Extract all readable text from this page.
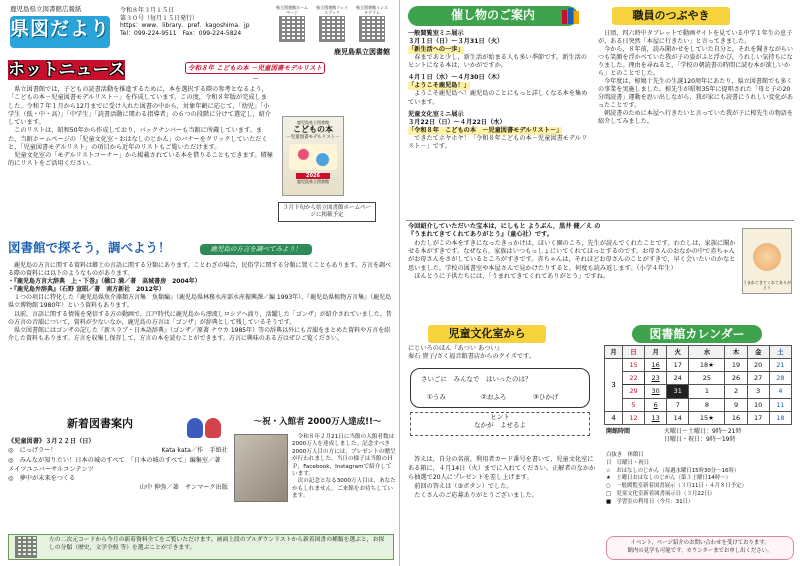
鹿児島県立図書館広報紙
県図だより
令和８年３月１５日
第３０号（毎月１５日発行）
https：www．library．pref．kagoshima．jp
Tel：099-224-9511　Fax：099-224-5824
県立図書館ホームページ
県立図書館フェイスブック
県立図書館インスタグラム
鹿児島県立図書館
ホットニュース	令和８年 こどもの本 －児童図書モデルリスト－
　県立図書館では，子どもの読書活動を推進するために，本を選択する際の参考となるよう，「こどもの本－児童図書モデルリスト－」を作成しています。この度，令和８年版が完成しました。令和７年１月から12月までに受け入れた図書の中から，対象年齢に応じて，「幼児」「小学生（低・中・高）」「中学生」「読書活動に関わる指導者」の６つの段階に分けて選定し，紹介しています。
　このリストは，昭和50年から作成しており，バックナンバーも当館に所蔵しています。また，当館ホームページの「児童文化室・おはなしのじかん」のバナーをクリックしていただくと，「児童図書モデルリスト」の項目から近年のリストもご覧いただけます。
　児童文化室の「モデルリストコーナー」から掲載されている本を借りることもできます。積極的にリストをご活用ください。
鹿児島県立図書館
こどもの本
－児童図書モデルリスト－
2026
鹿児島県立図書館
３月下旬から県立図書館ホームページに掲載予定
図書館で探そう，調べよう！	鹿児島の方言を調べてみよう！
　鹿児島の方言に関する資料は郷土の言語に関する分類にあります。ことわざの場合，民俗学に関する分類に置くこともあります。方言を調べる際の資料には以下のようなものがあります。
・『鹿児島方言大辞典　上・下巻』（橋口 満／著　高城書房　2004年）
・『鹿児島弁辞典』（石野 宣昭／著　南方新社　2012年）
　１つの項目に特化した『鹿児島県魚介藻類方言集　魚類編』（鹿児島県林務水産部水産振興課／編 1993年），『鹿児島県植物方言集』（鹿児島県立博物館 1980年）という資料もあります。
　以前，言語に関する情報を発信する方の動画で，江戸時代に鹿児島から漂流しロシアへ渡り，活躍した「ゴンザ」が紹介されていました。昔の方言の音韻について，資料が少ないなか，鹿児島の方言は「ゴンザ」が辞典として残しているそうです。
　県立図書館にはゴンザの記した『新スラブ・日本語辞典』（ゴンザ／原著 ナウカ 1985年）等の辞典以外にも音韻をまとめた資料や方言を紹介した資料もあります。方言を収集し保存して，方言の本を読むことができます。方言に興味のある方はぜひご覧ください。
新着図書案内
《児童図書》３月２２日（日）
◎　にっげラー！	Kata kata／作　手紙社
◎　みんなが知りたい！日本の城のすべて　「日本の城のすべて」編集室／著　メイツユニバーサルコンテンツ
◎　夢中が未来をつくる
山中 伸弥／著　サンマーク出版
左の二次元コードから今月の新着資料全てをご覧いただけます。画面上段のプルダウンリストから新着図書の種類を選ぶと，お探しの分類（歴史，文学全般 等）を選ぶことができます。
～祝・入館者 2000万人達成!!～
　令和８年２月21日に当館の入館者数は2000万人を達成しました。記念すべき2000万人目の方には，プレゼントの贈呈が行われました。当日の様子は当館のＨＰ，Facebook，Instagramで紹介しています。
　次の記念となる3000万人目は，あなたかもしれません。ご来館をお待ちしています。
催し物のご案内
一般閲覧室ミニ展示
３月１日（日）～３月31日（火）
「新生活への一歩」
　春まであと少し，新生活が始まる人も多い季節です。新生活のヒントになる本は，いかがですか。
４月１日（水）～４月30日（木）
「ようこそ鹿児島！」
　ようこそ鹿児島へ！鹿児島のことにもっと詳しくなる本を集めています。
児童文化室ミニ展示
３月22日（日）～４月22日（水）
「令和８年　こどもの本　－児童図書モデルリスト－」
　できたてホヤホヤ！「令和８年こどもの本－児童図書モデルリスト－」です。
職員のつぶやき
　日頃，四六時中タブレットで動画サイトを見ている中学１年生の息子が，ある日突然「本屋に行きたい」と言ってきました。
　今から，８年前，読み聞かせをしていた自分と，それを聞きながらいつも笑顔を浮かべていた我が子の姿がふと浮かび，うれしい気持ちになりました。理由を尋ねると，「学校の朝読書の時間に読む本が欲しいから」とのことでした。
　今年度は，椋鳩十先生の生誕120周年にあたり，県立図書館でも多くの事業を実施しました。椋先生が昭和35年に提唱された「母と子の20分間読書」運動を思い出しながら，我が家にも読書にうれしい変化があったことです。
　朝読書のために本屋へ行きたいと言っていた我が子に椋先生の物語を紹介してみました。
今回紹介していただいた宝本は，にしもと ようぶん，黒井 健／え の
『うまれてきてくれてありがとう』（童心社）です。
　わたしがこの本をすきになったきっかけは，ほいく園のころ，先生が読んでくれたことです。わたしは，家族に聞かせる本がすきです。なぜなら，家族はいつもっしょにいてくれてほっとするのです。お母さんのおなかの中で赤ちゃんがお母さんをさがしているところがすきです。赤ちゃんは，それほどお母さんのことがすきで，早く会いたいのかなと思いました。学校の図書室や本屋さんで見かけたりすると，何度も読み返します。（小学４年生）
　ほんとうに子供たちには，「うまれてきてくれてありがとう」ですね。
うまれてきてくれてありがとう
児童文化室から
にじいろのほん『あつい あつい』
秦石 貴子/さく福音館書店からのクイズです。
さいごに　みんなで　はいったのは？
①うみ	②おふろ	③ひかげ
ヒント
なかが　よせるよ
　答えは，自分の名前，利用者カード番号を書いて，児童文化室にある箱に，４月14日（火）までに入れてください。正解者のなかから抽選で20人にプレゼントを差し上げます。
　前回の答えは（③ボタン）でした。
　たくさんのご応募ありがとうございました。
図書館カレンダー
月	日	月	火	水	木	金	土
３	15	16	17	18★	19	20	21
	22	23	24	25	26	27	28
	29	30	31	1	2	3	4
	5	6	7	8	9	10	11
４	12	13	14	15★	16	17	18
開館時間	火曜日～土曜日：9時～21時
日曜日・祝日：9時～19時
白抜き　休館日
日　日曜日・祝日
☆　おはなしのじかん（毎週水曜日15時30分～16時）
★　土曜日おはなしのじかん（第３土曜日14時～）
○　一般閲覧室新着図書展示（３月11日・４月８日予定）
□　児童文化室新着図書展示日（３月22日）
■　学習室の利用日（今月：31日）
イベント，ページ紹介のお問い合わせを受けております。
館内の見学も可能です。カウンターまでお申し出ください。
